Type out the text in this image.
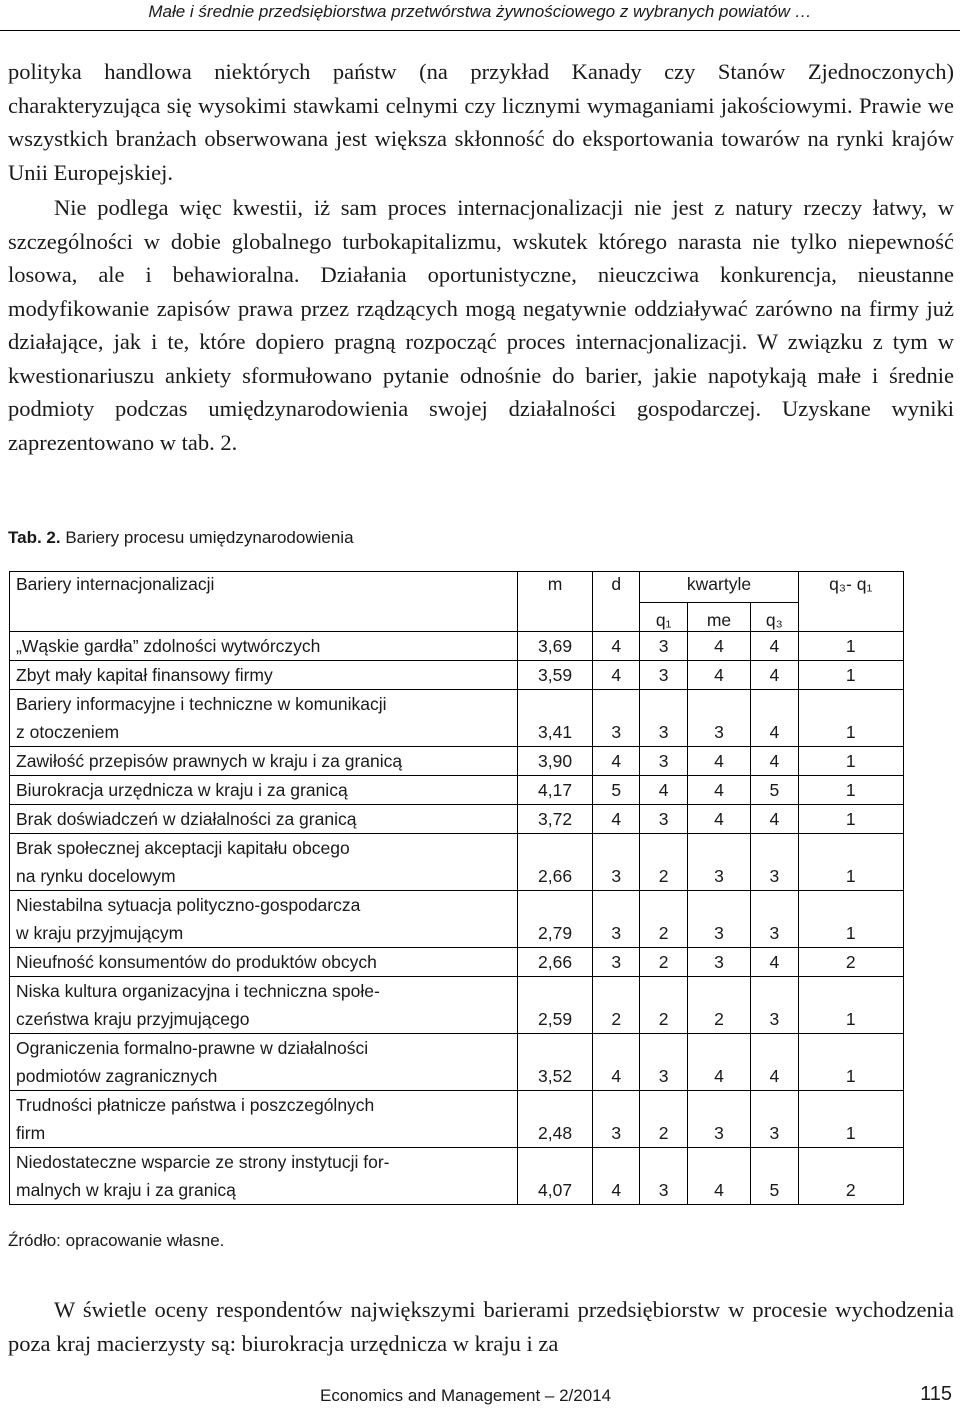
Małe i średnie przedsiębiorstwa przetwórstwa żywnościowego z wybranych powiatów …

polityka handlowa niektórych państw (na przykład Kanady czy Stanów Zjednoczonych) charakteryzująca się wysokimi stawkami celnymi czy licznymi wymaganiami jakościowymi. Prawie we wszystkich branżach obserwowana jest większa skłonność do eksportowania towarów na rynki krajów Unii Europejskiej.

Nie podlega więc kwestii, iż sam proces internacjonalizacji nie jest z natury rzeczy łatwy, w szczególności w dobie globalnego turbokapitalizmu, wskutek którego narasta nie tylko niepewność losowa, ale i behawioralna. Działania oportunistyczne, nieuczciwa konkurencja, nieustanne modyfikowanie zapisów prawa przez rządzących mogą negatywnie oddziaływać zarówno na firmy już działające, jak i te, które dopiero pragną rozpocząć proces internacjonalizacji. W związku z tym w kwestionariuszu ankiety sformułowano pytanie odnośnie do barier, jakie napotykają małe i średnie podmioty podczas umiędzynarodowienia swojej działalności gospodarczej. Uzyskane wyniki zaprezentowano w tab. 2.

Tab. 2. Bariery procesu umiędzynarodowienia
Bariery internacjonalizacji	m	d	kwartyle			q₃- q₁
			q₁	me	q₃	
„Wąskie gardła” zdolności wytwórczych	3,69	4	3	4	4	1
Zbyt mały kapitał finansowy firmy	3,59	4	3	4	4	1
Bariery informacyjne i techniczne w komunikacji
z otoczeniem	3,41	3	3	3	4	1
Zawiłość przepisów prawnych w kraju i za granicą	3,90	4	3	4	4	1
Biurokracja urzędnicza w kraju i za granicą	4,17	5	4	4	5	1
Brak doświadczeń w działalności za granicą	3,72	4	3	4	4	1
Brak społecznej akceptacji kapitału obcego
na rynku docelowym	2,66	3	2	3	3	1
Niestabilna sytuacja polityczno-gospodarcza
w kraju przyjmującym	2,79	3	2	3	3	1
Nieufność konsumentów do produktów obcych	2,66	3	2	3	4	2
Niska kultura organizacyjna i techniczna społe-
czeństwa kraju przyjmującego	2,59	2	2	2	3	1
Ograniczenia formalno-prawne w działalności
podmiotów zagranicznych	3,52	4	3	4	4	1
Trudności płatnicze państwa i poszczególnych
firm	2,48	3	2	3	3	1
Niedostateczne wsparcie ze strony instytucji for-
malnych w kraju i za granicą	4,07	4	3	4	5	2
Źródło: opracowanie własne.

W świetle oceny respondentów największymi barierami przedsiębiorstw w procesie wychodzenia poza kraj macierzysty są: biurokracja urzędnicza w kraju i za

Economics and Management – 2/2014	115
